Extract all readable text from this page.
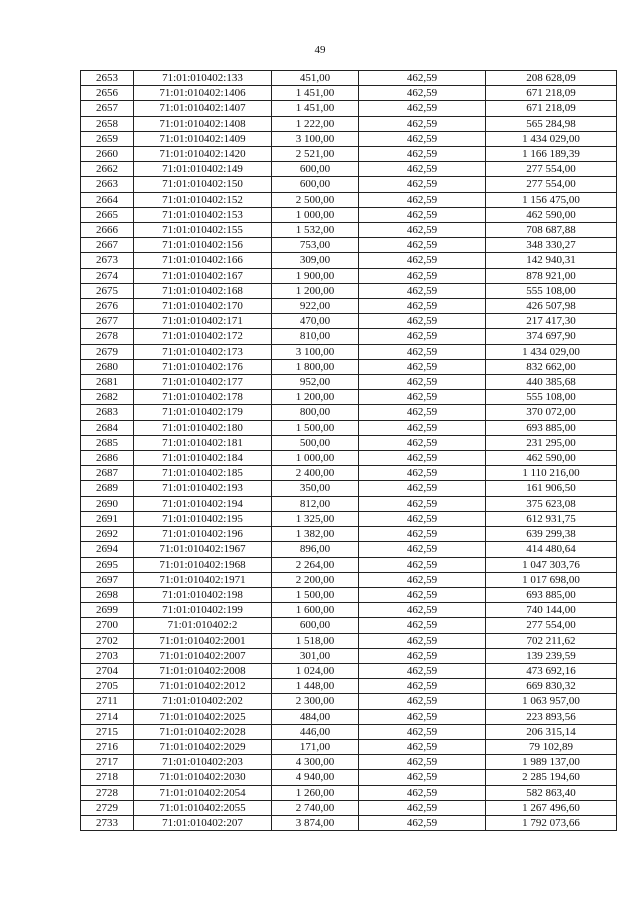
49
2653	71:01:010402:133	451,00	462,59	208 628,09
2656	71:01:010402:1406	1 451,00	462,59	671 218,09
2657	71:01:010402:1407	1 451,00	462,59	671 218,09
2658	71:01:010402:1408	1 222,00	462,59	565 284,98
2659	71:01:010402:1409	3 100,00	462,59	1 434 029,00
2660	71:01:010402:1420	2 521,00	462,59	1 166 189,39
2662	71:01:010402:149	600,00	462,59	277 554,00
2663	71:01:010402:150	600,00	462,59	277 554,00
2664	71:01:010402:152	2 500,00	462,59	1 156 475,00
2665	71:01:010402:153	1 000,00	462,59	462 590,00
2666	71:01:010402:155	1 532,00	462,59	708 687,88
2667	71:01:010402:156	753,00	462,59	348 330,27
2673	71:01:010402:166	309,00	462,59	142 940,31
2674	71:01:010402:167	1 900,00	462,59	878 921,00
2675	71:01:010402:168	1 200,00	462,59	555 108,00
2676	71:01:010402:170	922,00	462,59	426 507,98
2677	71:01:010402:171	470,00	462,59	217 417,30
2678	71:01:010402:172	810,00	462,59	374 697,90
2679	71:01:010402:173	3 100,00	462,59	1 434 029,00
2680	71:01:010402:176	1 800,00	462,59	832 662,00
2681	71:01:010402:177	952,00	462,59	440 385,68
2682	71:01:010402:178	1 200,00	462,59	555 108,00
2683	71:01:010402:179	800,00	462,59	370 072,00
2684	71:01:010402:180	1 500,00	462,59	693 885,00
2685	71:01:010402:181	500,00	462,59	231 295,00
2686	71:01:010402:184	1 000,00	462,59	462 590,00
2687	71:01:010402:185	2 400,00	462,59	1 110 216,00
2689	71:01:010402:193	350,00	462,59	161 906,50
2690	71:01:010402:194	812,00	462,59	375 623,08
2691	71:01:010402:195	1 325,00	462,59	612 931,75
2692	71:01:010402:196	1 382,00	462,59	639 299,38
2694	71:01:010402:1967	896,00	462,59	414 480,64
2695	71:01:010402:1968	2 264,00	462,59	1 047 303,76
2697	71:01:010402:1971	2 200,00	462,59	1 017 698,00
2698	71:01:010402:198	1 500,00	462,59	693 885,00
2699	71:01:010402:199	1 600,00	462,59	740 144,00
2700	71:01:010402:2	600,00	462,59	277 554,00
2702	71:01:010402:2001	1 518,00	462,59	702 211,62
2703	71:01:010402:2007	301,00	462,59	139 239,59
2704	71:01:010402:2008	1 024,00	462,59	473 692,16
2705	71:01:010402:2012	1 448,00	462,59	669 830,32
2711	71:01:010402:202	2 300,00	462,59	1 063 957,00
2714	71:01:010402:2025	484,00	462,59	223 893,56
2715	71:01:010402:2028	446,00	462,59	206 315,14
2716	71:01:010402:2029	171,00	462,59	79 102,89
2717	71:01:010402:203	4 300,00	462,59	1 989 137,00
2718	71:01:010402:2030	4 940,00	462,59	2 285 194,60
2728	71:01:010402:2054	1 260,00	462,59	582 863,40
2729	71:01:010402:2055	2 740,00	462,59	1 267 496,60
2733	71:01:010402:207	3 874,00	462,59	1 792 073,66
